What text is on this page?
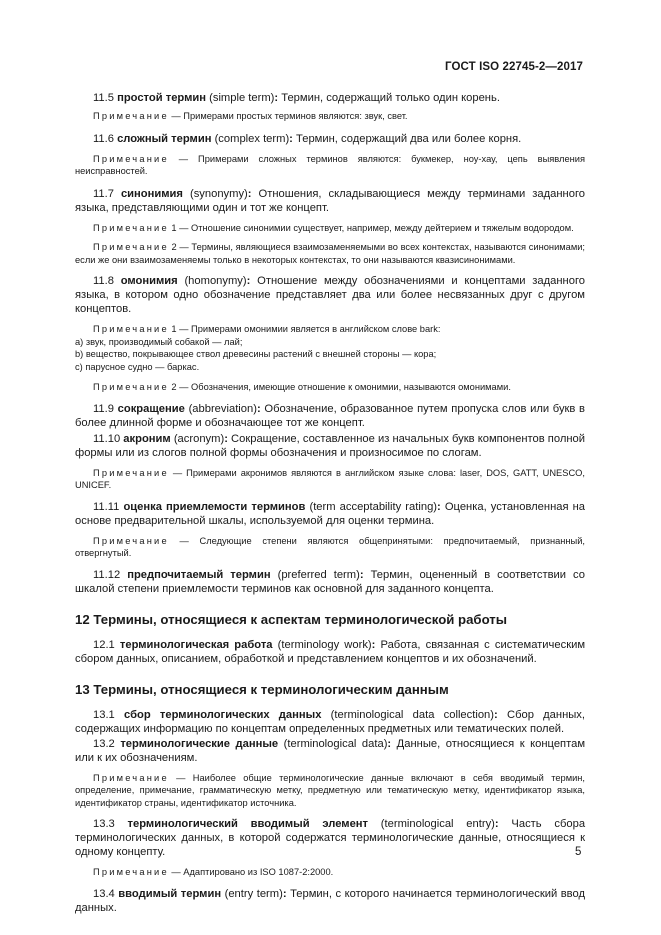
ГОСТ ISO 22745-2—2017

11.5 простой термин (simple term): Термин, содержащий только один корень.

Примечание — Примерами простых терминов являются: звук, свет.

11.6 сложный термин (complex term): Термин, содержащий два или более корня.

Примечание — Примерами сложных терминов являются: букмекер, ноу-хау, цепь выявления неисправностей.

11.7 синонимия (synonymy): Отношения, складывающиеся между терминами заданного языка, представляющими один и тот же концепт.

Примечание 1 — Отношение синонимии существует, например, между дейтерием и тяжелым водородом.

Примечание 2 — Термины, являющиеся взаимозаменяемыми во всех контекстах, называются синонимами; если же они взаимозаменяемы только в некоторых контекстах, то они называются квазисинонимами.

11.8 омонимия (homonymy): Отношение между обозначениями и концептами заданного языка, в котором одно обозначение представляет два или более несвязанных друг с другом концептов.

Примечание 1 — Примерами омонимии является в английском слове bark:

а) звук, производимый собакой — лай;

b) вещество, покрывающее ствол древесины растений с внешней стороны — кора;

c) парусное судно — баркас.

Примечание 2 — Обозначения, имеющие отношение к омонимии, называются омонимами.

11.9 сокращение (abbreviation): Обозначение, образованное путем пропуска слов или букв в более длинной форме и обозначающее тот же концепт.

11.10 акроним (acronym): Сокращение, составленное из начальных букв компонентов полной формы или из слогов полной формы обозначения и произносимое по слогам.

Примечание — Примерами акронимов являются в английском языке слова: laser, DOS, GATT, UNESCO, UNICEF.

11.11 оценка приемлемости терминов (term acceptability rating): Оценка, установленная на основе предварительной шкалы, используемой для оценки термина.

Примечание — Следующие степени являются общепринятыми: предпочитаемый, признанный, отвергнутый.

11.12 предпочитаемый термин (preferred term): Термин, оцененный в соответствии со шкалой степени приемлемости терминов как основной для заданного концепта.

12 Термины, относящиеся к аспектам терминологической работы

12.1 терминологическая работа (terminology work): Работа, связанная с систематическим сбором данных, описанием, обработкой и представлением концептов и их обозначений.

13 Термины, относящиеся к терминологическим данным

13.1 сбор терминологических данных (terminological data collection): Сбор данных, содержащих информацию по концептам определенных предметных или тематических полей.

13.2 терминологические данные (terminological data): Данные, относящиеся к концептам или к их обозначениям.

Примечание — Наиболее общие терминологические данные включают в себя вводимый термин, определение, примечание, грамматическую метку, предметную или тематическую метку, идентификатор языка, идентификатор страны, идентификатор источника.

13.3 терминологический вводимый элемент (terminological entry): Часть сбора терминологических данных, в которой содержатся терминологические данные, относящиеся к одному концепту.

Примечание — Адаптировано из ISO 1087-2:2000.

13.4 вводимый термин (entry term): Термин, с которого начинается терминологический ввод данных.

5
